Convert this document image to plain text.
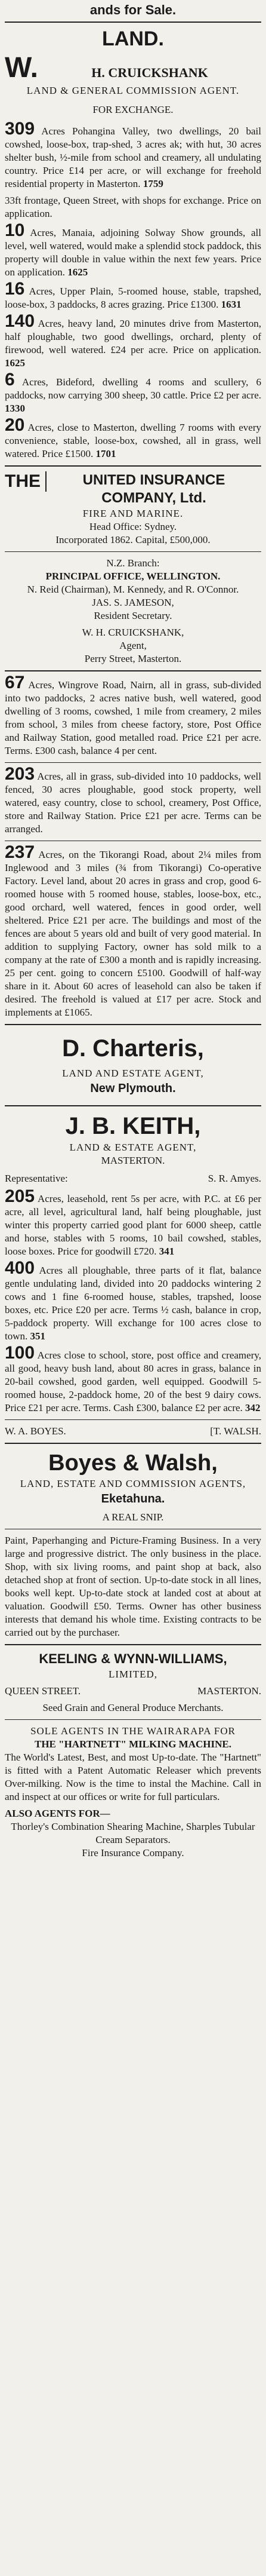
ands for Sale.
LAND.
W.	H. CRUICKSHANK
LAND & GENERAL COMMISSION AGENT.
FOR EXCHANGE.

309 Acres Pohangina Valley, two dwellings, 20 bail cowshed, loose-box, trap-shed, 3 acres ak; with hut, 30 acres shelter bush, ½-mile from school and creamery, all undulating country. Price £14 per acre, or will exchange for freehold residential property in Masterton. 1759

33ft frontage, Queen Street, with shops for exchange. Price on application.

10 Acres, Manaia, adjoining Solway Show grounds, all level, well watered, would make a splendid stock paddock, this property will double in value within the next few years. Price on application. 1625

16 Acres, Upper Plain, 5-roomed house, stable, trapshed, loose-box, 3 paddocks, 8 acres grazing. Price £1300. 1631

140 Acres, heavy land, 20 minutes drive from Masterton, half ploughable, two good dwellings, orchard, plenty of firewood, well watered. £24 per acre. Price on application. 1625

6 Acres, Bideford, dwelling 4 rooms and scullery, 6 paddocks, now carrying 300 sheep, 30 cattle. Price £2 per acre. 1330

20 Acres, close to Masterton, dwelling 7 rooms with every convenience, stable, loose-box, cowshed, all in grass, well watered. Price £1500. 1701

THE	UNITED INSURANCE COMPANY, Ltd.
FIRE AND MARINE.
Head Office: Sydney.
Incorporated 1862. Capital, £500,000.
N.Z. Branch:
PRINCIPAL OFFICE, WELLINGTON.
N. Reid (Chairman), M. Kennedy, and R. O'Connor.
JAS. S. JAMESON,
Resident Secretary.
W. H. CRUICKSHANK,
Agent,
Perry Street, Masterton.

67 Acres, Wingrove Road, Nairn, all in grass, sub-divided into two paddocks, 2 acres native bush, well watered, good dwelling of 3 rooms, cowshed, 1 mile from creamery, 2 miles from school, 3 miles from cheese factory, store, Post Office and Railway Station, good metalled road. Price £21 per acre. Terms. £300 cash, balance 4 per cent.

203 Acres, all in grass, sub-divided into 10 paddocks, well fenced, 30 acres ploughable, good stock property, well watered, easy country, close to school, creamery, Post Office, store and Railway Station. Price £21 per acre. Terms can be arranged.

237 Acres, on the Tikorangi Road, about 2¼ miles from Inglewood and 3 miles (¾ from Tikorangi) Co-operative Factory. Level land, about 20 acres in grass and crop, good 6-roomed house with 5 roomed house, stables, loose-box, etc., good orchard, well watered, fences in good order, well sheltered. Price £21 per acre. The buildings and most of the fences are about 5 years old and built of very good material. In addition to supplying Factory, owner has sold milk to a company at the rate of £300 a month and is rapidly increasing. 25 per cent. going to concern £5100. Goodwill of half-way share in it. About 60 acres of leasehold can also be taken if desired. The freehold is valued at £17 per acre. Stock and implements at £1065.

D. Charteris,
LAND AND ESTATE AGENT,
New Plymouth.
J. B. KEITH,
LAND & ESTATE AGENT,
MASTERTON.
Representative:	S. R. Amyes.

205 Acres, leasehold, rent 5s per acre, with P.C. at £6 per acre, all level, agricultural land, half being ploughable, just winter this property carried good plant for 6000 sheep, cattle and horse, stables with 5 rooms, 10 bail cowshed, stables, loose boxes. Price for goodwill £720. 341

400 Acres all ploughable, three parts of it flat, balance gentle undulating land, divided into 20 paddocks wintering 2 cows and 1 fine 6-roomed house, stables, trapshed, loose boxes, etc. Price £20 per acre. Terms ½ cash, balance in crop, 5-paddock property. Will exchange for 100 acres close to town. 351

100 Acres close to school, store, post office and creamery, all good, heavy bush land, about 80 acres in grass, balance in 20-bail cowshed, good garden, well equipped. Goodwill 5-roomed house, 2-paddock home, 20 of the best 9 dairy cows. Price £21 per acre. Terms. Cash £300, balance £2 per acre. 342

W. A. BOYES.	[T. WALSH.
Boyes & Walsh,
LAND, ESTATE AND COMMISSION AGENTS,
Eketahuna.
A REAL SNIP.

Paint, Paperhanging and Picture-Framing Business. In a very large and progressive district. The only business in the place. Shop, with six living rooms, and paint shop at back, also detached shop at front of section. Up-to-date stock in all lines, books well kept. Up-to-date stock at landed cost at about at valuation. Goodwill £50. Terms. Owner has other business interests that demand his whole time. Existing contracts to be carried out by the purchaser.

KEELING & WYNN-WILLIAMS,
LIMITED,
QUEEN STREET.	MASTERTON.
Seed Grain and General Produce Merchants.
SOLE AGENTS IN THE WAIRARAPA FOR
THE "HARTNETT" MILKING MACHINE.

The World's Latest, Best, and most Up-to-date. The "Hartnett" is fitted with a Patent Automatic Releaser which prevents Over-milking. Now is the time to instal the Machine. Call in and inspect at our offices or write for full particulars.

ALSO AGENTS FOR—
Thorley's Combination Shearing Machine, Sharples Tubular Cream Separators.
Fire Insurance Company.
